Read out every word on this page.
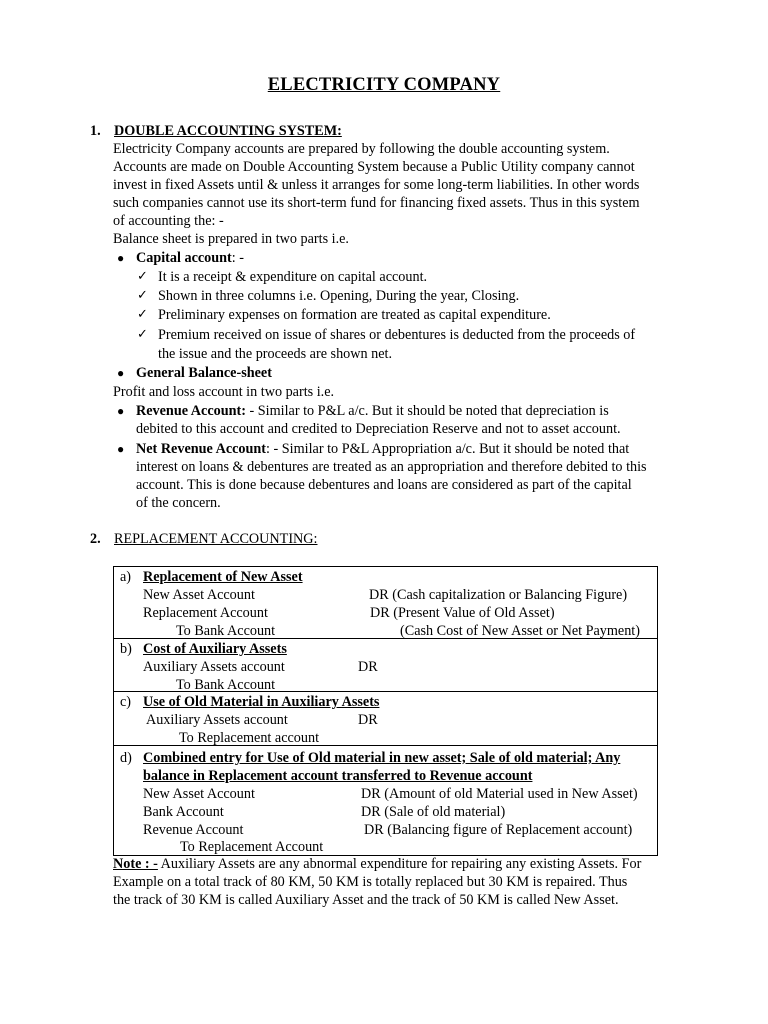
ELECTRICITY COMPANY
1. DOUBLE ACCOUNTING SYSTEM:
Electricity Company accounts are prepared by following the double accounting system.
Accounts are made on Double Accounting System because a Public Utility company cannot
invest in fixed Assets until & unless it arranges for some long-term liabilities. In other words
such companies cannot use its short-term fund for financing fixed assets. Thus in this system
of accounting the: -
Balance sheet is prepared in two parts i.e.
● Capital account: -
✓ It is a receipt & expenditure on capital account.
✓ Shown in three columns i.e. Opening, During the year, Closing.
✓ Preliminary expenses on formation are treated as capital expenditure.
✓ Premium received on issue of shares or debentures is deducted from the proceeds of
the issue and the proceeds are shown net.
● General Balance-sheet
Profit and loss account in two parts i.e.
● Revenue Account: - Similar to P&L a/c. But it should be noted that depreciation is
debited to this account and credited to Depreciation Reserve and not to asset account.
● Net Revenue Account: - Similar to P&L Appropriation a/c. But it should be noted that
interest on loans & debentures are treated as an appropriation and therefore debited to this
account. This is done because debentures and loans are considered as part of the capital
of the concern.
2. REPLACEMENT ACCOUNTING:
a) Replacement of New Asset
New Asset Account	DR (Cash capitalization or Balancing Figure)
Replacement Account	DR (Present Value of Old Asset)
To Bank Account	(Cash Cost of New Asset or Net Payment)
b) Cost of Auxiliary Assets
Auxiliary Assets account	DR
To Bank Account
c) Use of Old Material in Auxiliary Assets
Auxiliary Assets account	DR
To Replacement account
d) Combined entry for Use of Old material in new asset; Sale of old material; Any
balance in Replacement account transferred to Revenue account
New Asset Account	DR (Amount of old Material used in New Asset)
Bank Account	DR (Sale of old material)
Revenue Account	DR (Balancing figure of Replacement account)
To Replacement Account
Note : - Auxiliary Assets are any abnormal expenditure for repairing any existing Assets. For
Example on a total track of 80 KM, 50 KM is totally replaced but 30 KM is repaired. Thus
the track of 30 KM is called Auxiliary Asset and the track of 50 KM is called New Asset.
